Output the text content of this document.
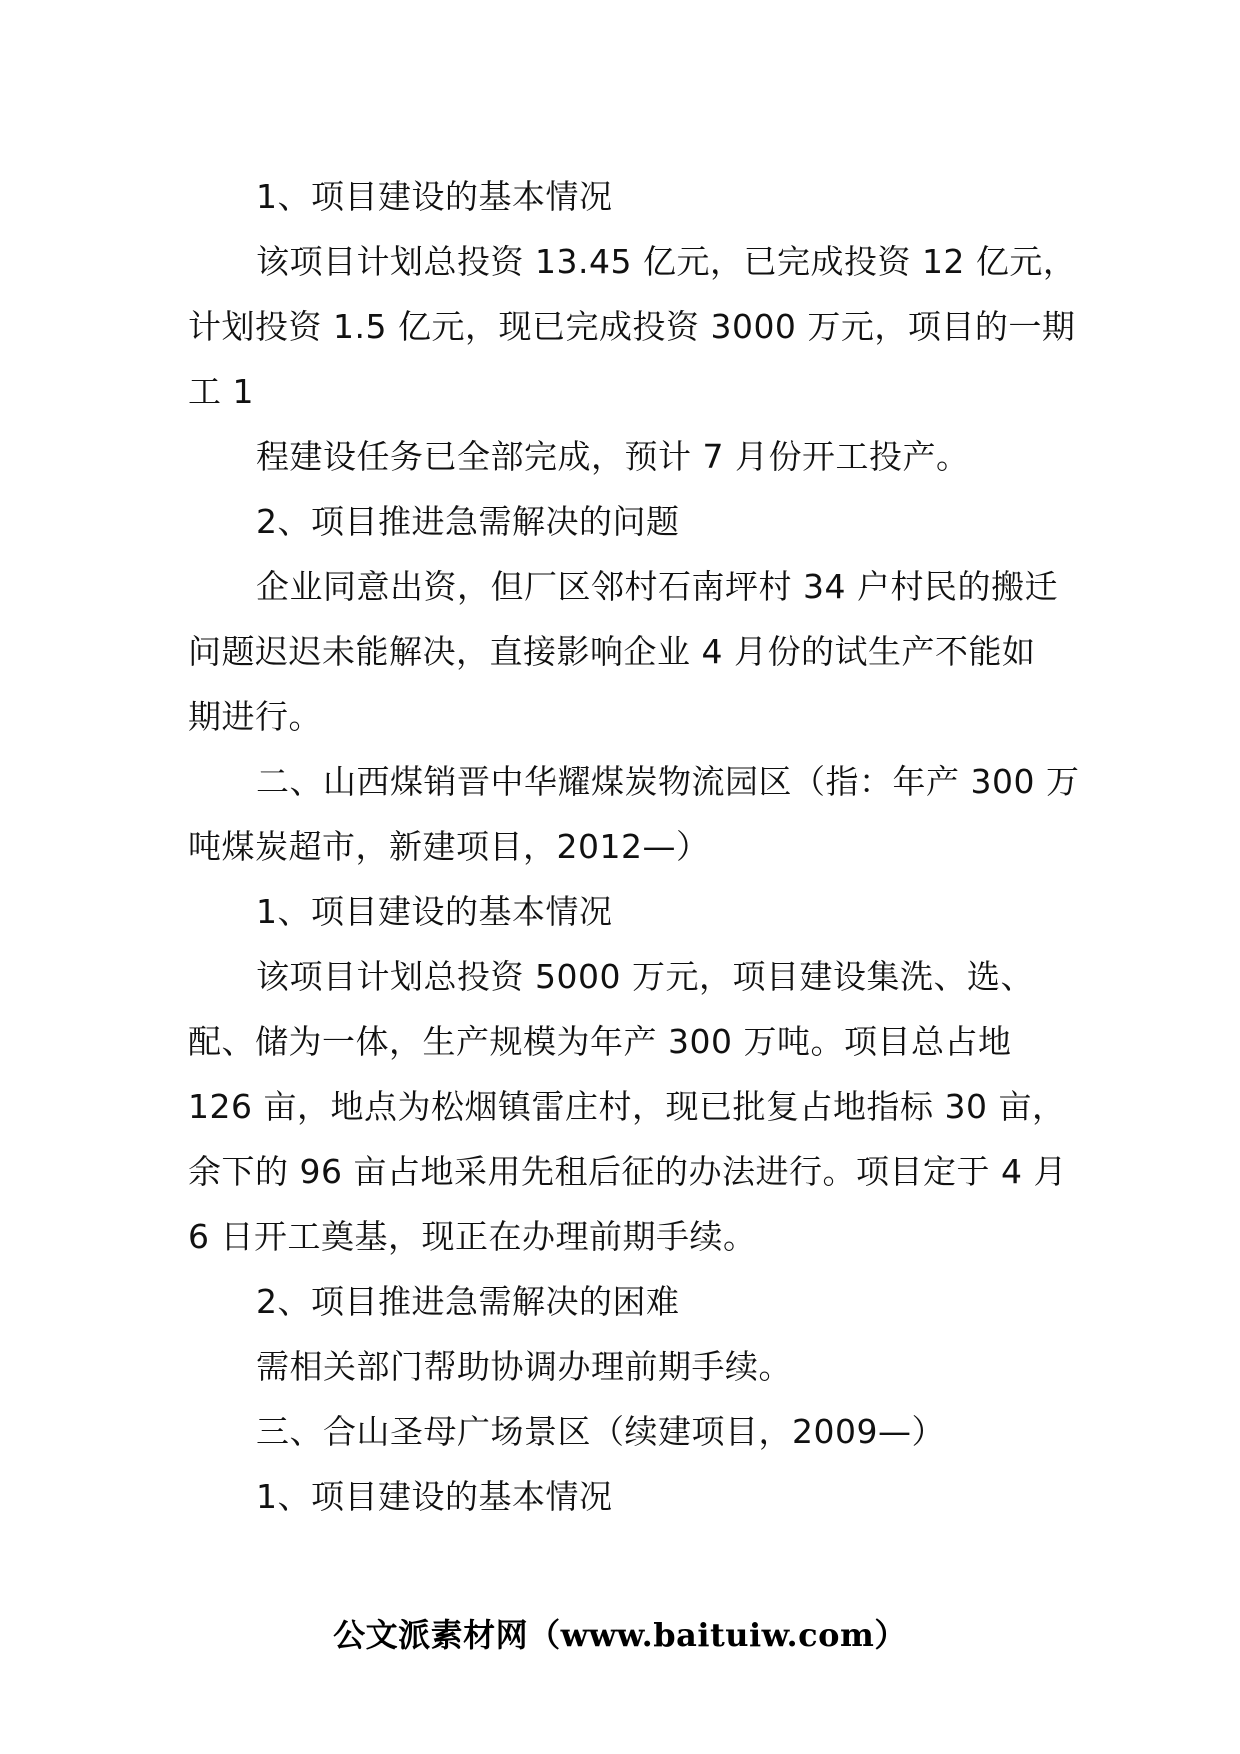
1、项目建设的基本情况
该项目计划总投资 13.45 亿元，已完成投资 12 亿元，
计划投资 1.5 亿元，现已完成投资 3000 万元，项目的一期
工 1
程建设任务已全部完成，预计 7 月份开工投产。
2、项目推进急需解决的问题
企业同意出资，但厂区邻村石南坪村 34 户村民的搬迁
问题迟迟未能解决，直接影响企业 4 月份的试生产不能如
期进行。
二、山西煤销晋中华耀煤炭物流园区（指：年产 300 万
吨煤炭超市，新建项目，2012—）
1、项目建设的基本情况
该项目计划总投资 5000 万元，项目建设集洗、选、
配、储为一体，生产规模为年产 300 万吨。项目总占地
126 亩，地点为松烟镇雷庄村，现已批复占地指标 30 亩，
余下的 96 亩占地采用先租后征的办法进行。项目定于 4 月
6 日开工奠基，现正在办理前期手续。
2、项目推进急需解决的困难
需相关部门帮助协调办理前期手续。
三、合山圣母广场景区（续建项目，2009—）
1、项目建设的基本情况
公文派素材网（www.baituiw.com）
